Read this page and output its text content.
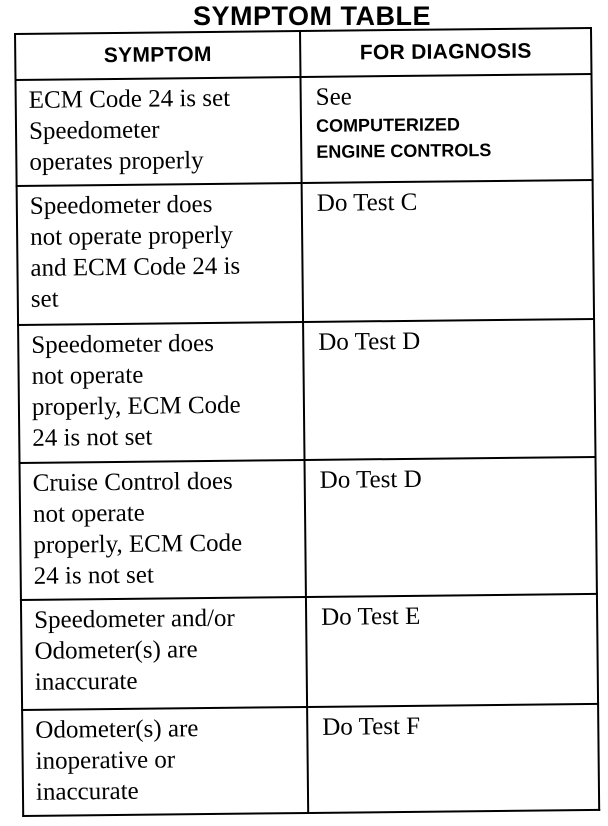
SYMPTOM TABLE
SYMPTOM	FOR DIAGNOSIS

ECM Code 24 is set
Speedometer
operates properly	See
COMPUTERIZED
ENGINE CONTROLS

Speedometer does
not operate properly
and ECM Code 24 is
set	Do Test C

Speedometer does
not operate
properly, ECM Code
24 is not set	Do Test D

Cruise Control does
not operate
properly, ECM Code
24 is not set	Do Test D

Speedometer and/or
Odometer(s) are
inaccurate	Do Test E

Odometer(s) are
inoperative or
inaccurate	Do Test F
